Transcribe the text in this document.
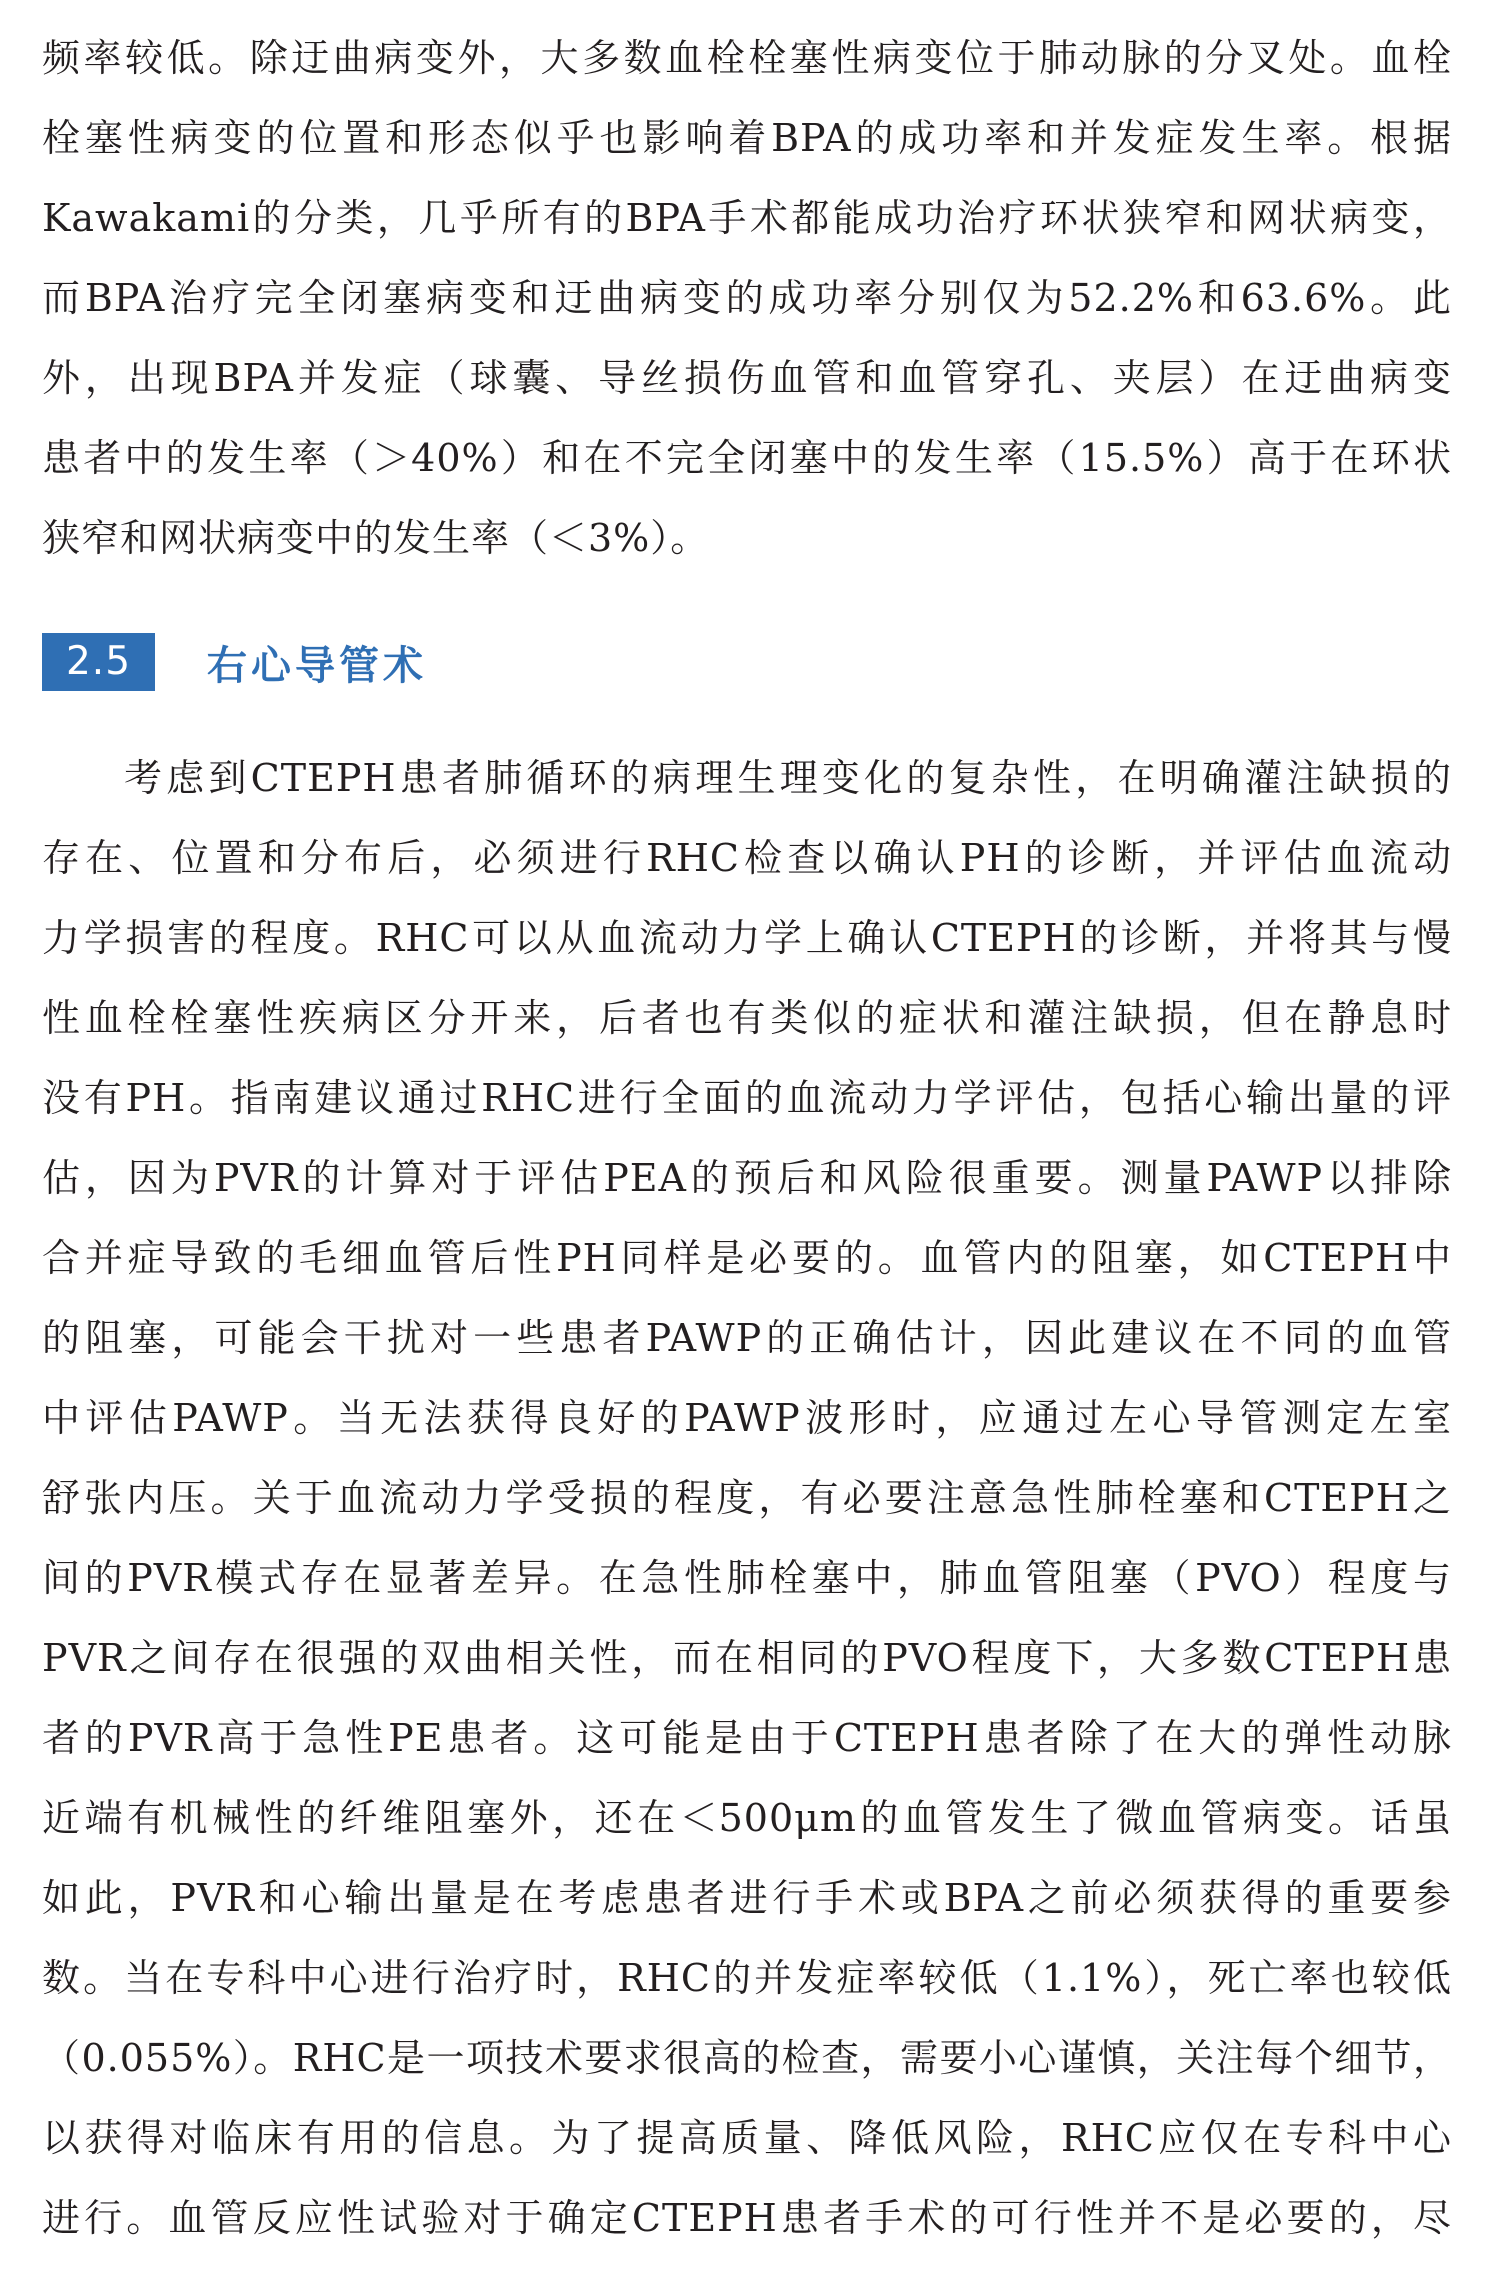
频率较低。除迂曲病变外，大多数血栓栓塞性病变位于肺动脉的分叉处。血栓
栓塞性病变的位置和形态似乎也影响着BPA的成功率和并发症发生率。根据
Kawakami的分类，几乎所有的BPA手术都能成功治疗环状狭窄和网状病变，
而BPA治疗完全闭塞病变和迂曲病变的成功率分别仅为52.2%和63.6%。此
外，出现BPA并发症（球囊、导丝损伤血管和血管穿孔、夹层）在迂曲病变
患者中的发生率（＞40%）和在不完全闭塞中的发生率（15.5%）高于在环状
狭窄和网状病变中的发生率（＜3%）。
2.5	右心导管术
考虑到CTEPH患者肺循环的病理生理变化的复杂性，在明确灌注缺损的
存在、位置和分布后，必须进行RHC检查以确认PH的诊断，并评估血流动
力学损害的程度。RHC可以从血流动力学上确认CTEPH的诊断，并将其与慢
性血栓栓塞性疾病区分开来，后者也有类似的症状和灌注缺损，但在静息时
没有PH。指南建议通过RHC进行全面的血流动力学评估，包括心输出量的评
估，因为PVR的计算对于评估PEA的预后和风险很重要。测量PAWP以排除
合并症导致的毛细血管后性PH同样是必要的。血管内的阻塞，如CTEPH中
的阻塞，可能会干扰对一些患者PAWP的正确估计，因此建议在不同的血管
中评估PAWP。当无法获得良好的PAWP波形时，应通过左心导管测定左室
舒张内压。关于血流动力学受损的程度，有必要注意急性肺栓塞和CTEPH之
间的PVR模式存在显著差异。在急性肺栓塞中，肺血管阻塞（PVO）程度与
PVR之间存在很强的双曲相关性，而在相同的PVO程度下，大多数CTEPH患
者的PVR高于急性PE患者。这可能是由于CTEPH患者除了在大的弹性动脉
近端有机械性的纤维阻塞外，还在＜500μm的血管发生了微血管病变。话虽
如此，PVR和心输出量是在考虑患者进行手术或BPA之前必须获得的重要参
数。当在专科中心进行治疗时，RHC的并发症率较低（1.1%），死亡率也较低
（0.055%）。RHC是一项技术要求很高的检查，需要小心谨慎，关注每个细节，
以获得对临床有用的信息。为了提高质量、降低风险，RHC应仅在专科中心
进行。血管反应性试验对于确定CTEPH患者手术的可行性并不是必要的，尽
